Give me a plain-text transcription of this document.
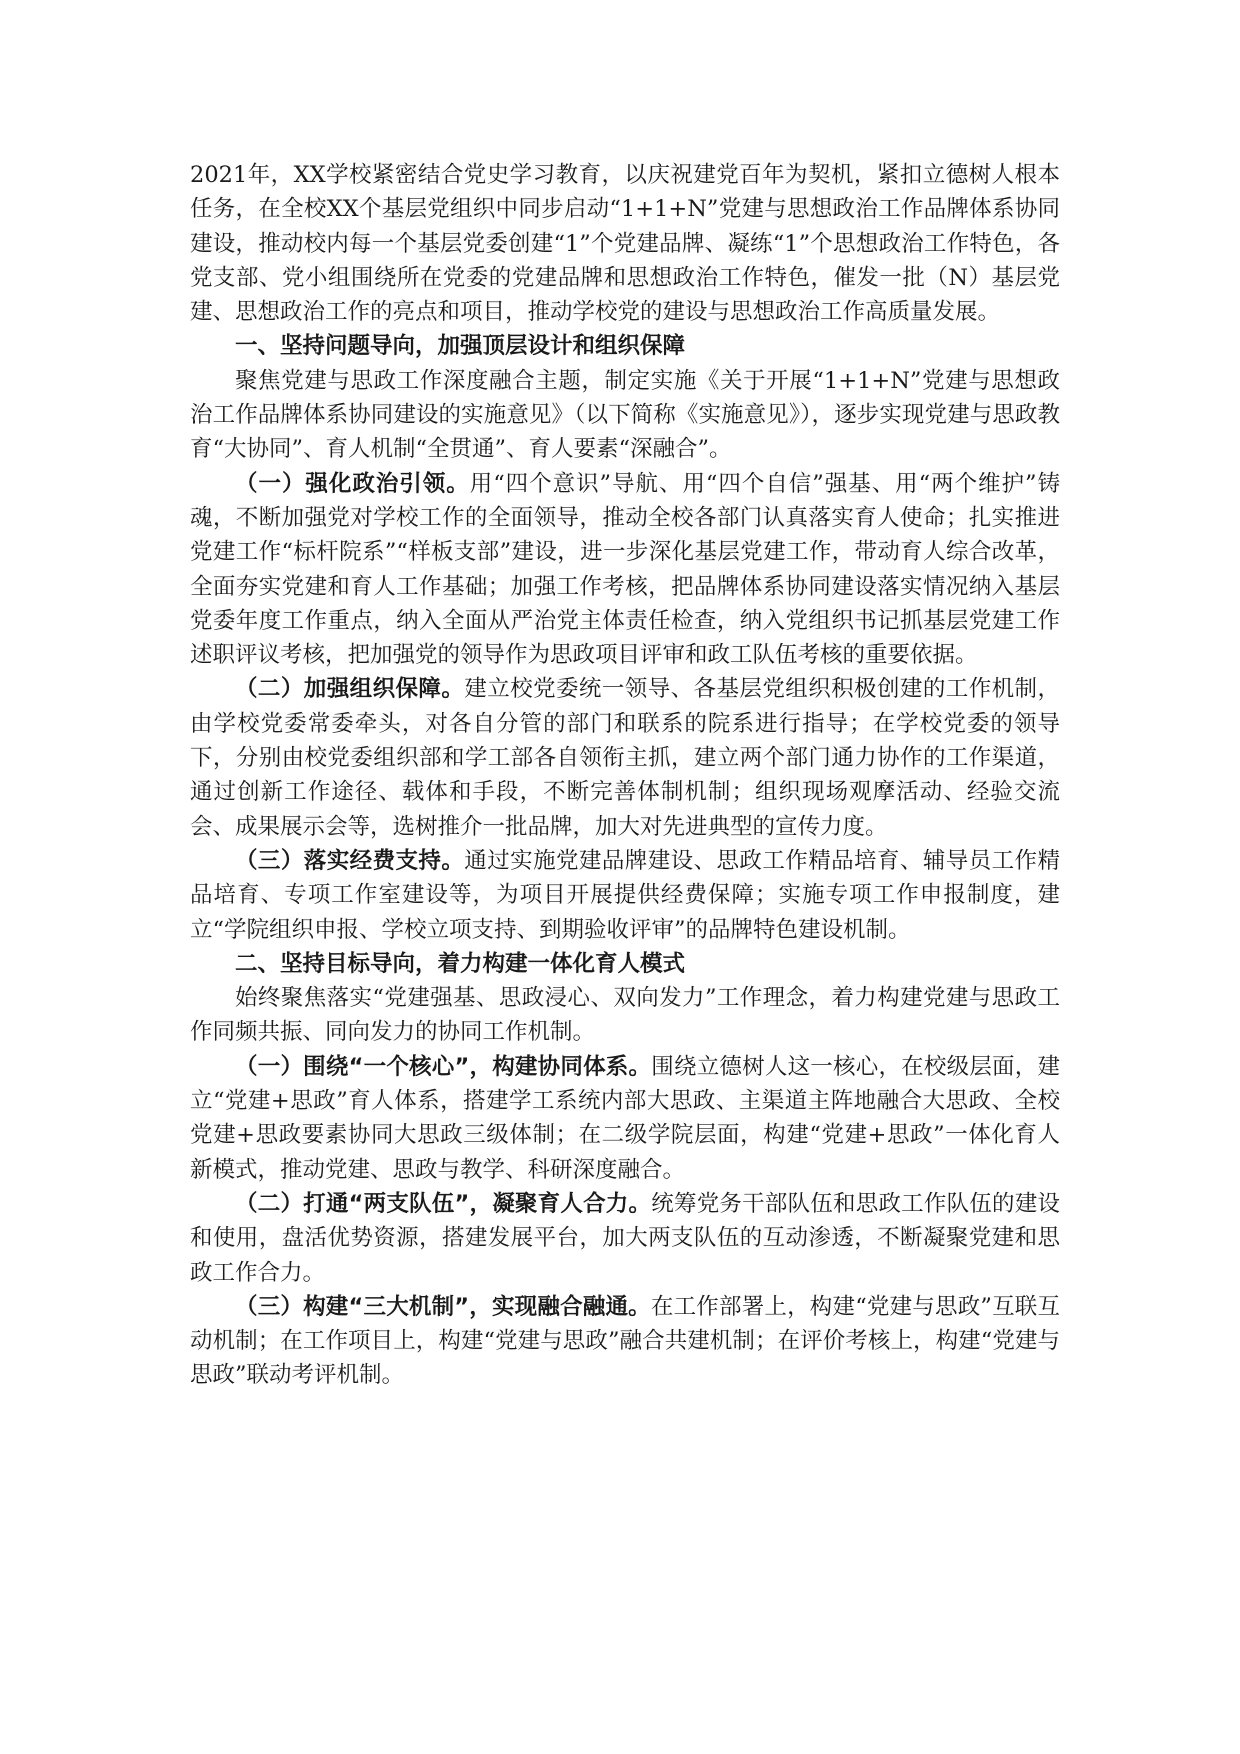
2021年，XX学校紧密结合党史学习教育，以庆祝建党百年为契机，紧扣立德树人根本任务，在全校XX个基层党组织中同步启动“1+1+N”党建与思想政治工作品牌体系协同建设，推动校内每一个基层党委创建“1”个党建品牌、凝练“1”个思想政治工作特色，各党支部、党小组围绕所在党委的党建品牌和思想政治工作特色，催发一批（N）基层党建、思想政治工作的亮点和项目，推动学校党的建设与思想政治工作高质量发展。

一、坚持问题导向，加强顶层设计和组织保障

聚焦党建与思政工作深度融合主题，制定实施《关于开展“1+1+N”党建与思想政治工作品牌体系协同建设的实施意见》（以下简称《实施意见》），逐步实现党建与思政教育“大协同”、育人机制“全贯通”、育人要素“深融合”。

（一）强化政治引领。用“四个意识”导航、用“四个自信”强基、用“两个维护”铸魂，不断加强党对学校工作的全面领导，推动全校各部门认真落实育人使命；扎实推进党建工作“标杆院系”“样板支部”建设，进一步深化基层党建工作，带动育人综合改革，全面夯实党建和育人工作基础；加强工作考核，把品牌体系协同建设落实情况纳入基层党委年度工作重点，纳入全面从严治党主体责任检查，纳入党组织书记抓基层党建工作述职评议考核，把加强党的领导作为思政项目评审和政工队伍考核的重要依据。

（二）加强组织保障。建立校党委统一领导、各基层党组织积极创建的工作机制，由学校党委常委牵头，对各自分管的部门和联系的院系进行指导；在学校党委的领导下，分别由校党委组织部和学工部各自领衔主抓，建立两个部门通力协作的工作渠道，通过创新工作途径、载体和手段，不断完善体制机制；组织现场观摩活动、经验交流会、成果展示会等，选树推介一批品牌，加大对先进典型的宣传力度。

（三）落实经费支持。通过实施党建品牌建设、思政工作精品培育、辅导员工作精品培育、专项工作室建设等，为项目开展提供经费保障；实施专项工作申报制度，建立“学院组织申报、学校立项支持、到期验收评审”的品牌特色建设机制。

二、坚持目标导向，着力构建一体化育人模式

始终聚焦落实“党建强基、思政浸心、双向发力”工作理念，着力构建党建与思政工作同频共振、同向发力的协同工作机制。

（一）围绕“一个核心”，构建协同体系。围绕立德树人这一核心，在校级层面，建立“党建+思政”育人体系，搭建学工系统内部大思政、主渠道主阵地融合大思政、全校党建+思政要素协同大思政三级体制；在二级学院层面，构建“党建+思政”一体化育人新模式，推动党建、思政与教学、科研深度融合。

（二）打通“两支队伍”，凝聚育人合力。统筹党务干部队伍和思政工作队伍的建设和使用，盘活优势资源，搭建发展平台，加大两支队伍的互动渗透，不断凝聚党建和思政工作合力。

（三）构建“三大机制”，实现融合融通。在工作部署上，构建“党建与思政”互联互动机制；在工作项目上，构建“党建与思政”融合共建机制；在评价考核上，构建“党建与思政”联动考评机制。
